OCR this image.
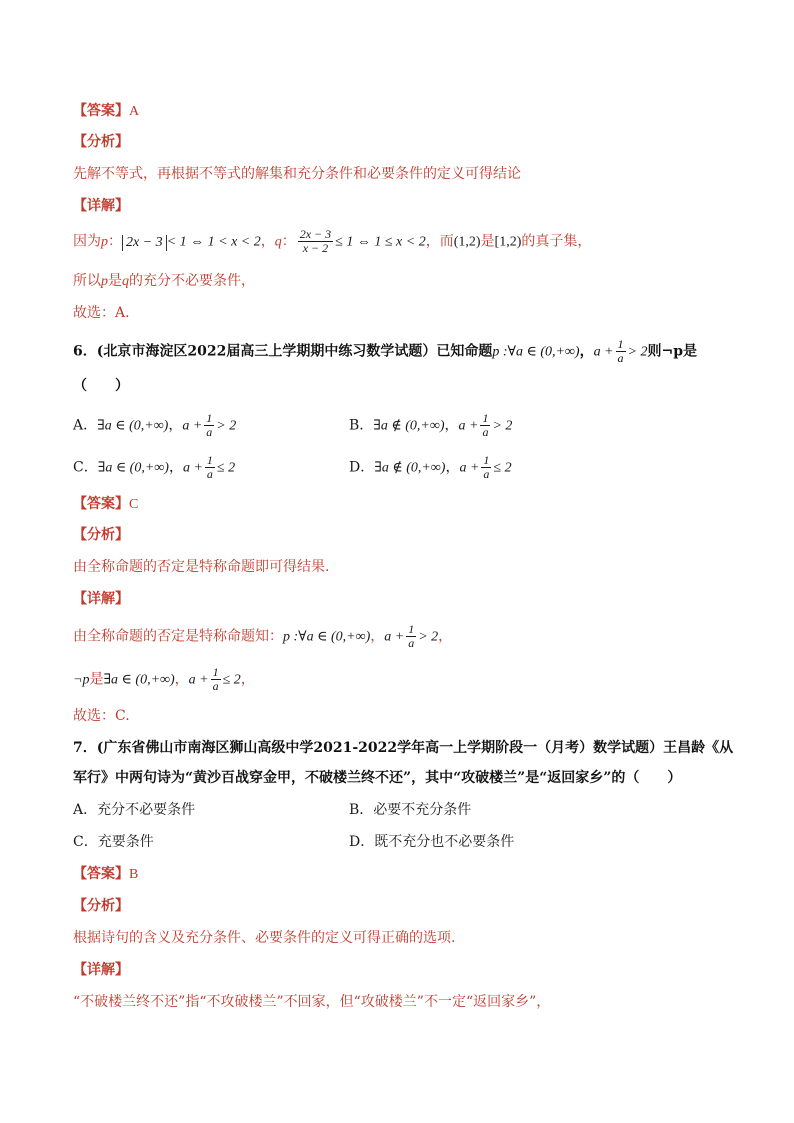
【答案】A
【分析】
先解不等式，再根据不等式的解集和充分条件和必要条件的定义可得结论
【详解】
因为p： 2x − 3 < 1 ⇔ 1 < x < 2，q： $\frac{2x - 3}{x - 2} \le 1$ ⇔ 1 ≤ x < 2，而(1,2)是[1,2)的真子集，
所以p是q的充分不必要条件，
故选：A.
6．(北京市海淀区2022届高三上学期期中练习数学试题）已知命题p :∀a ∈ (0,+∞)，$a + \frac{1}{a} > 2$则¬p是
（　　）
A．∃a ∈ (0,+∞)，$a + \frac{1}{a} > 2$	B．∃a ∉ (0,+∞)，$a + \frac{1}{a} > 2$
C．∃a ∈ (0,+∞)，$a + \frac{1}{a} \le 2$	D．∃a ∉ (0,+∞)，$a + \frac{1}{a} \le 2$
【答案】C
【分析】
由全称命题的否定是特称命题即可得结果.
【详解】
由全称命题的否定是特称命题知：p :∀a ∈ (0,+∞)，$a + \frac{1}{a} > 2$，
¬p是∃a ∈ (0,+∞)，$a + \frac{1}{a} \le 2$，
故选：C.
7．(广东省佛山市南海区狮山高级中学2021-2022学年高一上学期阶段一（月考）数学试题）王昌龄《从
军行》中两句诗为“黄沙百战穿金甲，不破楼兰终不还”，其中“攻破楼兰”是“返回家乡”的（　　）
A．充分不必要条件	B．必要不充分条件
C．充要条件	D．既不充分也不必要条件
【答案】B
【分析】
根据诗句的含义及充分条件、必要条件的定义可得正确的选项.
【详解】
“不破楼兰终不还”指“不攻破楼兰”不回家，但“攻破楼兰”不一定“返回家乡”，
